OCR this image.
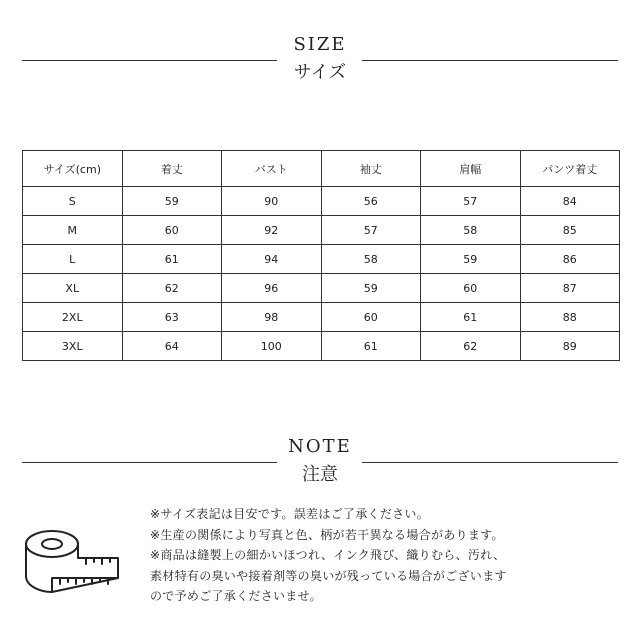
SIZE
サイズ
サイズ(cm)	着丈	バスト	袖丈	肩幅	パンツ着丈
S	59	90	56	57	84
M	60	92	57	58	85
L	61	94	58	59	86
XL	62	96	59	60	87
2XL	63	98	60	61	88
3XL	64	100	61	62	89
NOTE
注意

※サイズ表記は目安です。誤差はご了承ください。

※生産の関係により写真と色、柄が若干異なる場合があります。

※商品は縫製上の細かいほつれ、インク飛び、織りむら、汚れ、

素材特有の臭いや接着剤等の臭いが残っている場合がございます

ので予めご了承くださいませ。
